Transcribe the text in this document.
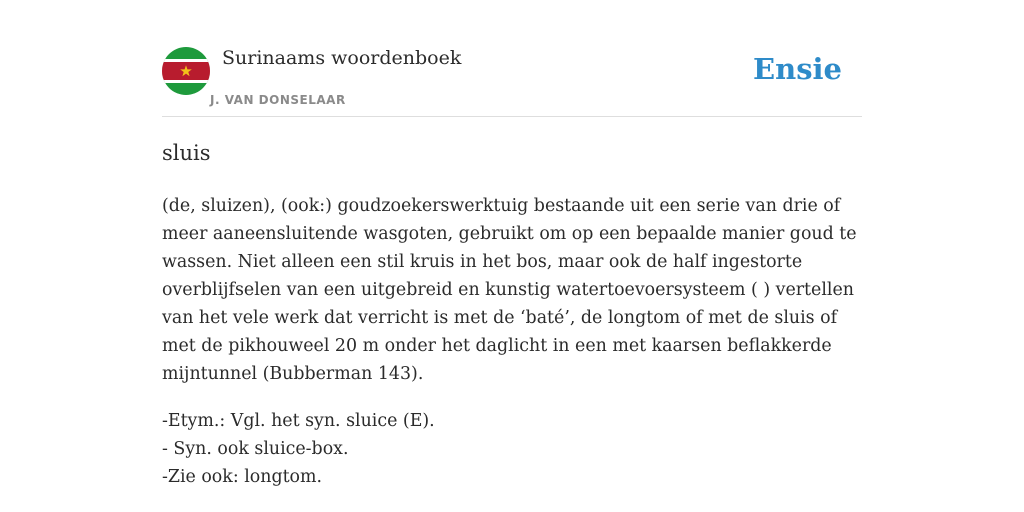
Surinaams woordenboek
J. VAN DONSELAAR
Ensie
sluis

(de, sluizen), (ook:) goudzoekerswerktuig bestaande uit een serie van drie of meer aaneensluitende wasgoten, gebruikt om op een bepaalde manier goud te wassen. Niet alleen een stil kruis in het bos, maar ook de half ingestorte overblijfselen van een uitgebreid en kunstig watertoevoersysteem ( ) vertellen van het vele werk dat verricht is met de ‘baté’, de longtom of met de sluis of met de pikhouweel 20 m onder het daglicht in een met kaarsen beflakkerde mijntunnel (Bubberman 143).

-Etym.: Vgl. het syn. sluice (E).
- Syn. ook sluice-box.
-Zie ook: longtom.
